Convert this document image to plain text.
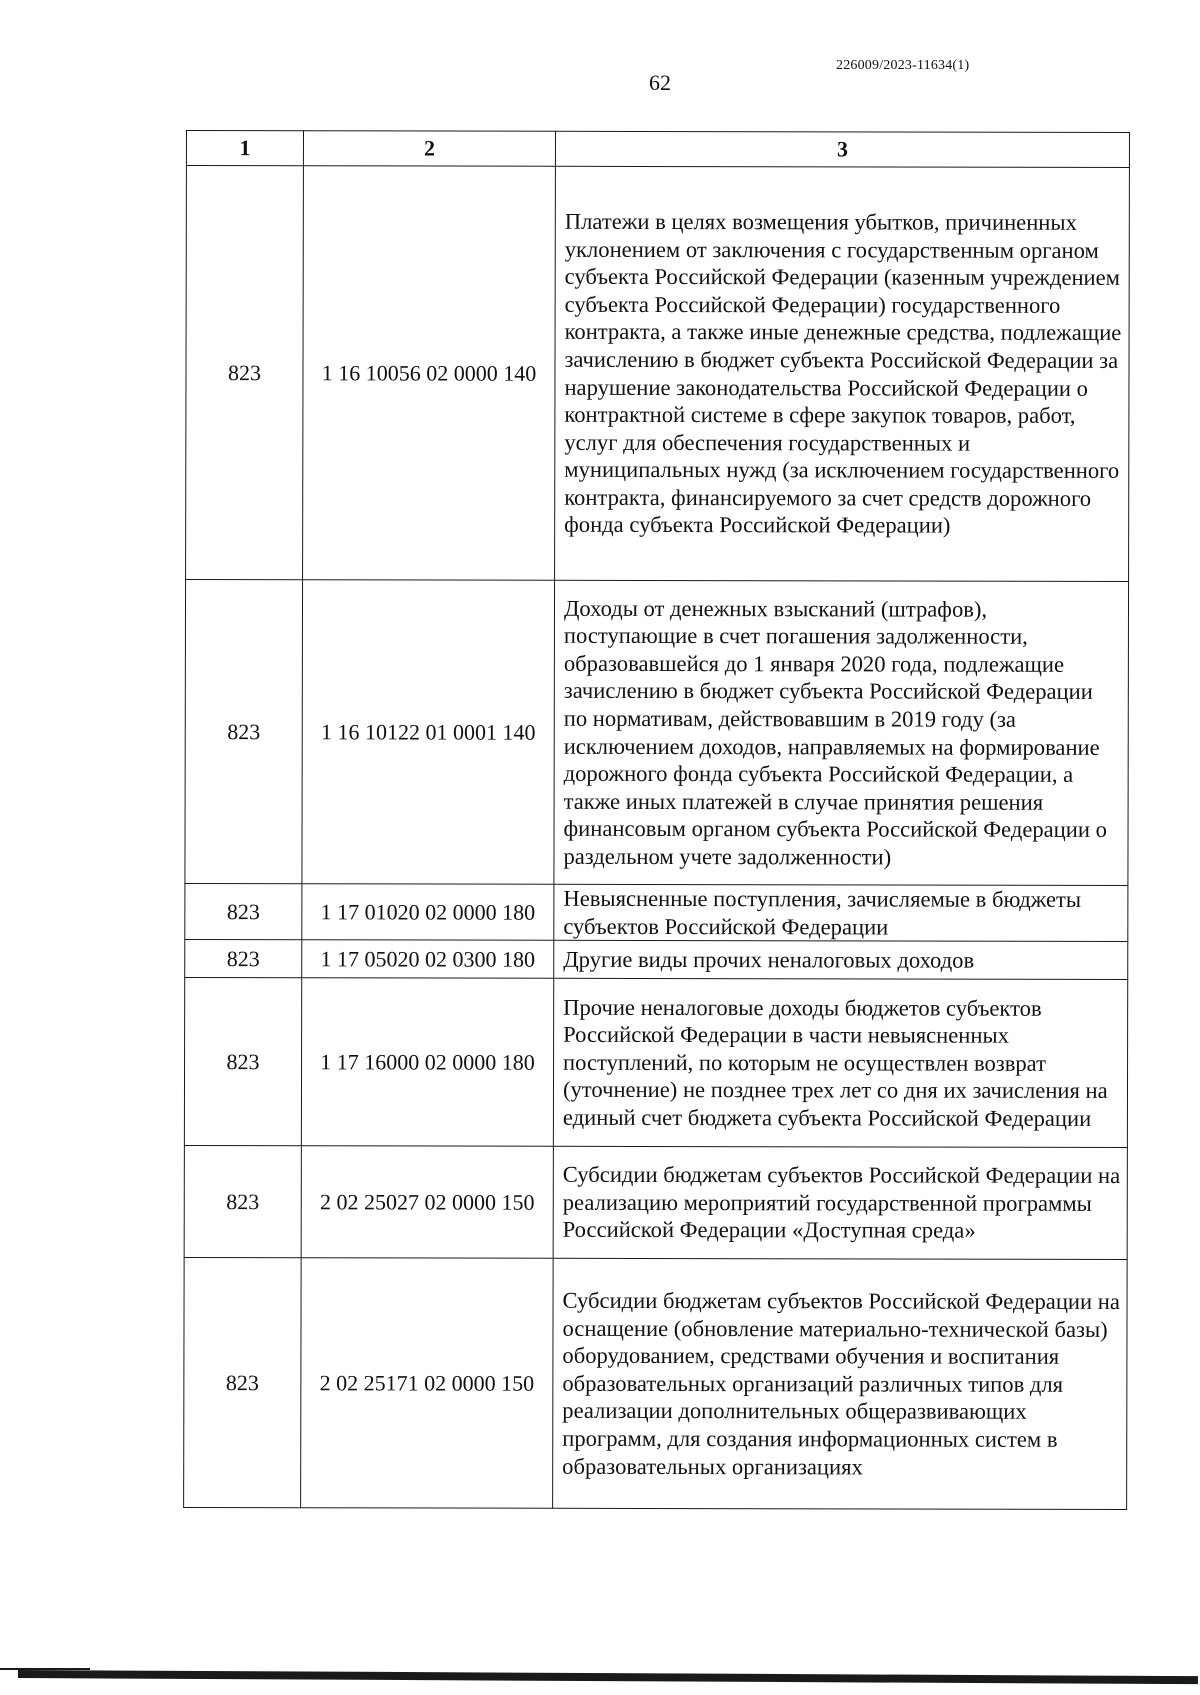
226009/2023-11634(1)
62
1	2	3
823	1 16 10056 02 0000 140	Платежи в целях возмещения убытков, причиненных уклонением от заключения с государственным органом субъекта Российской Федерации (казенным учреждением субъекта Российской Федерации) государственного контракта, а также иные денежные средства, подлежащие зачислению в бюджет субъекта Российской Федерации за нарушение законодательства Российской Федерации о контрактной системе в сфере закупок товаров, работ, услуг для обеспечения государственных и муниципальных нужд (за исключением государственного контракта, финансируемого за счет средств дорожного фонда субъекта Российской Федерации)
823	1 16 10122 01 0001 140	Доходы от денежных взысканий (штрафов), поступающие в счет погашения задолженности, образовавшейся до 1 января 2020 года, подлежащие зачислению в бюджет субъекта Российской Федерации по нормативам, действовавшим в 2019 году (за исключением доходов, направляемых на формирование дорожного фонда субъекта Российской Федерации, а также иных платежей в случае принятия решения финансовым органом субъекта Российской Федерации о раздельном учете задолженности)
823	1 17 01020 02 0000 180	Невыясненные поступления, зачисляемые в бюджеты субъектов Российской Федерации
823	1 17 05020 02 0300 180	Другие виды прочих неналоговых доходов
823	1 17 16000 02 0000 180	Прочие неналоговые доходы бюджетов субъектов Российской Федерации в части невыясненных поступлений, по которым не осуществлен возврат (уточнение) не позднее трех лет со дня их зачисления на единый счет бюджета субъекта Российской Федерации
823	2 02 25027 02 0000 150	Субсидии бюджетам субъектов Российской Федерации на реализацию мероприятий государственной программы Российской Федерации «Доступная среда»
823	2 02 25171 02 0000 150	Субсидии бюджетам субъектов Российской Федерации на оснащение (обновление материально-технической базы) оборудованием, средствами обучения и воспитания образовательных организаций различных типов для реализации дополнительных общеразвивающих программ, для создания информационных систем в образовательных организациях
